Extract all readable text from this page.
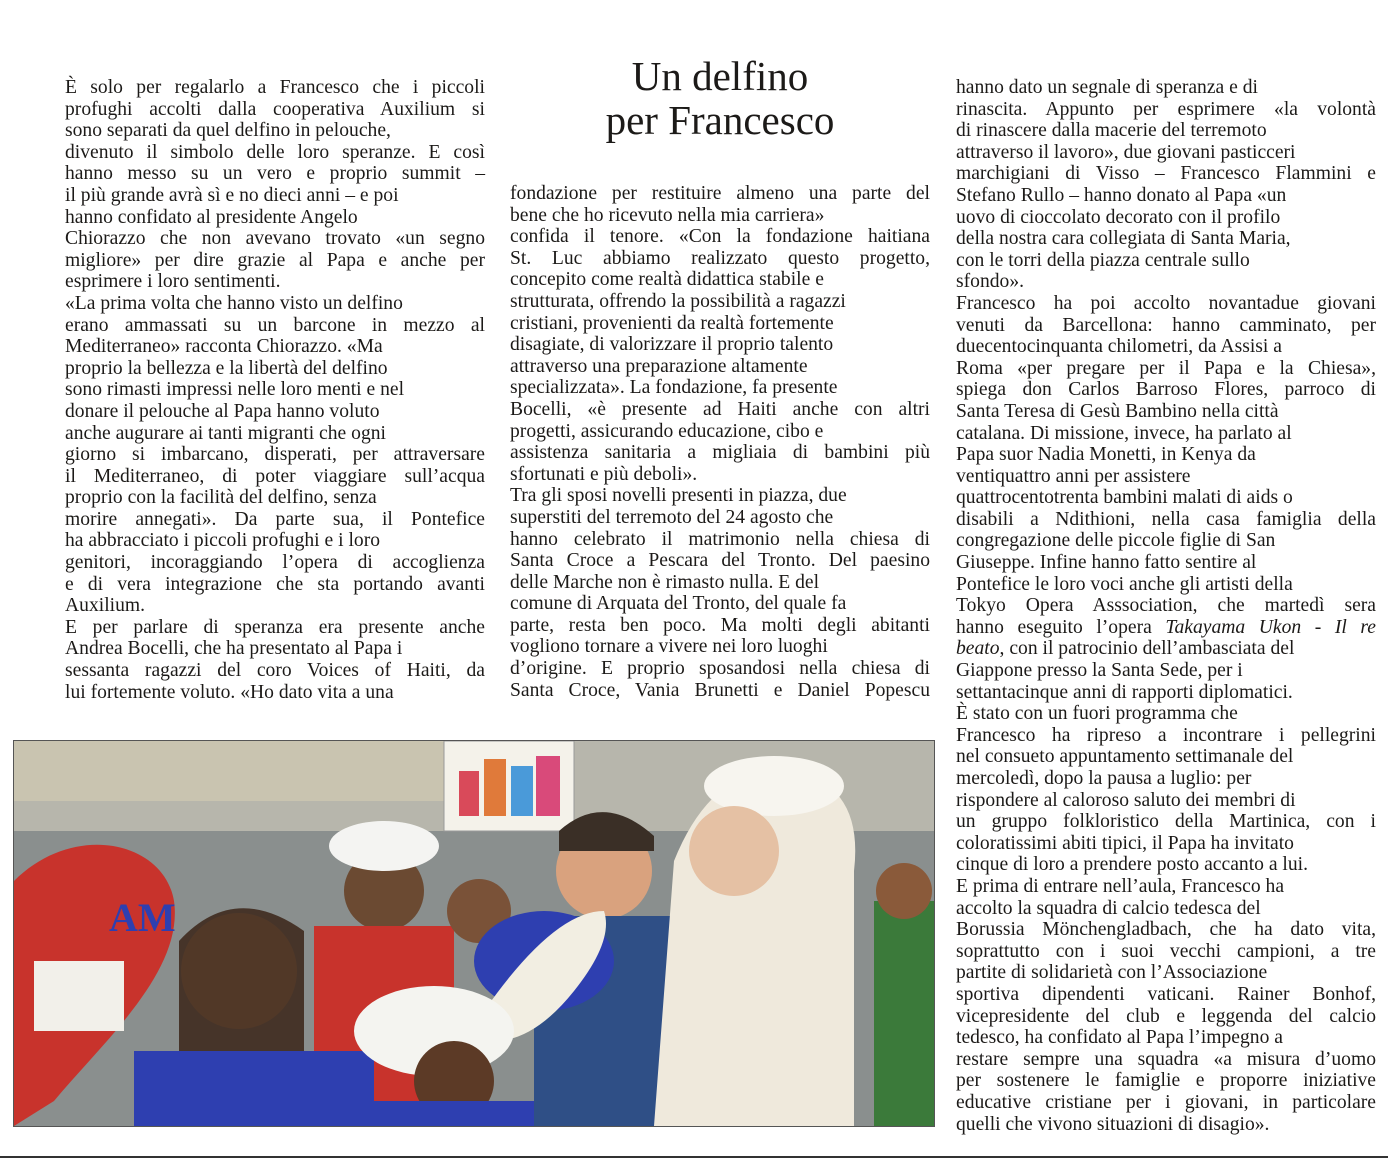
Un delfino
per Francesco
È solo per regalarlo a Francesco che i piccoli
profughi accolti dalla cooperativa Auxilium si
sono separati da quel delfino in pelouche,
divenuto il simbolo delle loro speranze. E così
hanno messo su un vero e proprio summit –
il più grande avrà sì e no dieci anni – e poi
hanno confidato al presidente Angelo
Chiorazzo che non avevano trovato «un segno
migliore» per dire grazie al Papa e anche per
esprimere i loro sentimenti.
«La prima volta che hanno visto un delfino
erano ammassati su un barcone in mezzo al
Mediterraneo» racconta Chiorazzo. «Ma
proprio la bellezza e la libertà del delfino
sono rimasti impressi nelle loro menti e nel
donare il pelouche al Papa hanno voluto
anche augurare ai tanti migranti che ogni
giorno si imbarcano, disperati, per attraversare
il Mediterraneo, di poter viaggiare sull’acqua
proprio con la facilità del delfino, senza
morire annegati». Da parte sua, il Pontefice
ha abbracciato i piccoli profughi e i loro
genitori, incoraggiando l’opera di accoglienza
e di vera integrazione che sta portando avanti
Auxilium.
E per parlare di speranza era presente anche
Andrea Bocelli, che ha presentato al Papa i
sessanta ragazzi del coro Voices of Haiti, da
lui fortemente voluto. «Ho dato vita a una
fondazione per restituire almeno una parte del
bene che ho ricevuto nella mia carriera»
confida il tenore. «Con la fondazione haitiana
St. Luc abbiamo realizzato questo progetto,
concepito come realtà didattica stabile e
strutturata, offrendo la possibilità a ragazzi
cristiani, provenienti da realtà fortemente
disagiate, di valorizzare il proprio talento
attraverso una preparazione altamente
specializzata». La fondazione, fa presente
Bocelli, «è presente ad Haiti anche con altri
progetti, assicurando educazione, cibo e
assistenza sanitaria a migliaia di bambini più
sfortunati e più deboli».
Tra gli sposi novelli presenti in piazza, due
superstiti del terremoto del 24 agosto che
hanno celebrato il matrimonio nella chiesa di
Santa Croce a Pescara del Tronto. Del paesino
delle Marche non è rimasto nulla. E del
comune di Arquata del Tronto, del quale fa
parte, resta ben poco. Ma molti degli abitanti
vogliono tornare a vivere nei loro luoghi
d’origine. E proprio sposandosi nella chiesa di
Santa Croce, Vania Brunetti e Daniel Popescu
hanno dato un segnale di speranza e di
rinascita. Appunto per esprimere «la volontà
di rinascere dalla macerie del terremoto
attraverso il lavoro», due giovani pasticceri
marchigiani di Visso – Francesco Flammini e
Stefano Rullo – hanno donato al Papa «un
uovo di cioccolato decorato con il profilo
della nostra cara collegiata di Santa Maria,
con le torri della piazza centrale sullo
sfondo».
Francesco ha poi accolto novantadue giovani
venuti da Barcellona: hanno camminato, per
duecentocinquanta chilometri, da Assisi a
Roma «per pregare per il Papa e la Chiesa»,
spiega don Carlos Barroso Flores, parroco di
Santa Teresa di Gesù Bambino nella città
catalana. Di missione, invece, ha parlato al
Papa suor Nadia Monetti, in Kenya da
ventiquattro anni per assistere
quattrocentotrenta bambini malati di aids o
disabili a Ndithioni, nella casa famiglia della
congregazione delle piccole figlie di San
Giuseppe. Infine hanno fatto sentire al
Pontefice le loro voci anche gli artisti della
Tokyo Opera Asssociation, che martedì sera
hanno eseguito l’opera Takayama Ukon - Il re
beato, con il patrocinio dell’ambasciata del
Giappone presso la Santa Sede, per i
settantacinque anni di rapporti diplomatici.
È stato con un fuori programma che
Francesco ha ripreso a incontrare i pellegrini
nel consueto appuntamento settimanale del
mercoledì, dopo la pausa a luglio: per
rispondere al caloroso saluto dei membri di
un gruppo folkloristico della Martinica, con i
coloratissimi abiti tipici, il Papa ha invitato
cinque di loro a prendere posto accanto a lui.
E prima di entrare nell’aula, Francesco ha
accolto la squadra di calcio tedesca del
Borussia Mönchengladbach, che ha dato vita,
soprattutto con i suoi vecchi campioni, a tre
partite di solidarietà con l’Associazione
sportiva dipendenti vaticani. Rainer Bonhof,
vicepresidente del club e leggenda del calcio
tedesco, ha confidato al Papa l’impegno a
restare sempre una squadra «a misura d’uomo
per sostenere le famiglie e proporre iniziative
educative cristiane per i giovani, in particolare
quelli che vivono situazioni di disagio».
AM
